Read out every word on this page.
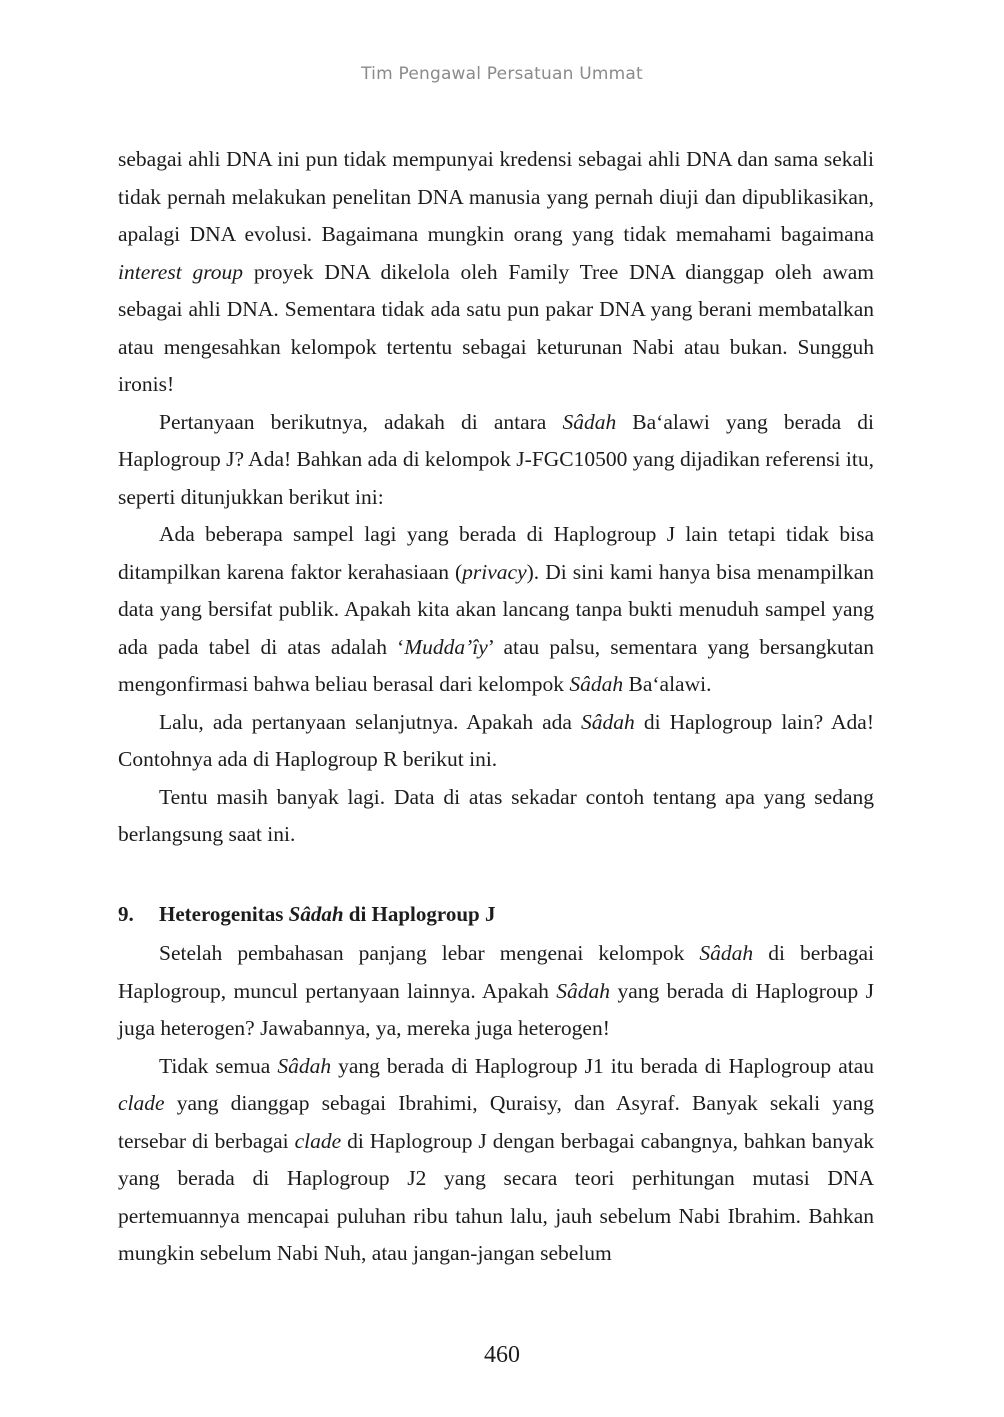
Tim Pengawal Persatuan Ummat

sebagai ahli DNA ini pun tidak mempunyai kredensi sebagai ahli DNA dan sama sekali tidak pernah melakukan penelitan DNA manusia yang pernah diuji dan dipublikasikan, apalagi DNA evolusi. Bagaimana mungkin orang yang tidak memahami bagaimana interest group proyek DNA dikelola oleh Family Tree DNA dianggap oleh awam sebagai ahli DNA. Sementara tidak ada satu pun pakar DNA yang berani membatalkan atau mengesahkan kelompok tertentu sebagai keturunan Nabi atau bukan. Sungguh ironis!

Pertanyaan berikutnya, adakah di antara Sâdah Ba‘alawi yang berada di Haplogroup J? Ada! Bahkan ada di kelompok J-FGC10500 yang dijadikan referensi itu, seperti ditunjukkan berikut ini:

Ada beberapa sampel lagi yang berada di Haplogroup J lain tetapi tidak bisa ditampilkan karena faktor kerahasiaan (privacy). Di sini kami hanya bisa menampilkan data yang bersifat publik. Apakah kita akan lancang tanpa bukti menuduh sampel yang ada pada tabel di atas adalah ‘Mudda’îy’ atau palsu, sementara yang bersangkutan mengonfirmasi bahwa beliau berasal dari kelompok Sâdah Ba‘alawi.

Lalu, ada pertanyaan selanjutnya. Apakah ada Sâdah di Haplogroup lain? Ada! Contohnya ada di Haplogroup R berikut ini.

Tentu masih banyak lagi. Data di atas sekadar contoh tentang apa yang sedang berlangsung saat ini.

9.	Heterogenitas Sâdah di Haplogroup J

Setelah pembahasan panjang lebar mengenai kelompok Sâdah di berbagai Haplogroup, muncul pertanyaan lainnya. Apakah Sâdah yang berada di Haplogroup J juga heterogen? Jawabannya, ya, mereka juga heterogen!

Tidak semua Sâdah yang berada di Haplogroup J1 itu berada di Haplogroup atau clade yang dianggap sebagai Ibrahimi, Quraisy, dan Asyraf. Banyak sekali yang tersebar di berbagai clade di Haplogroup J dengan berbagai cabangnya, bahkan banyak yang berada di Haplogroup J2 yang secara teori perhitungan mutasi DNA pertemuannya mencapai puluhan ribu tahun lalu, jauh sebelum Nabi Ibrahim. Bahkan mungkin sebelum Nabi Nuh, atau jangan-jangan sebelum

460
